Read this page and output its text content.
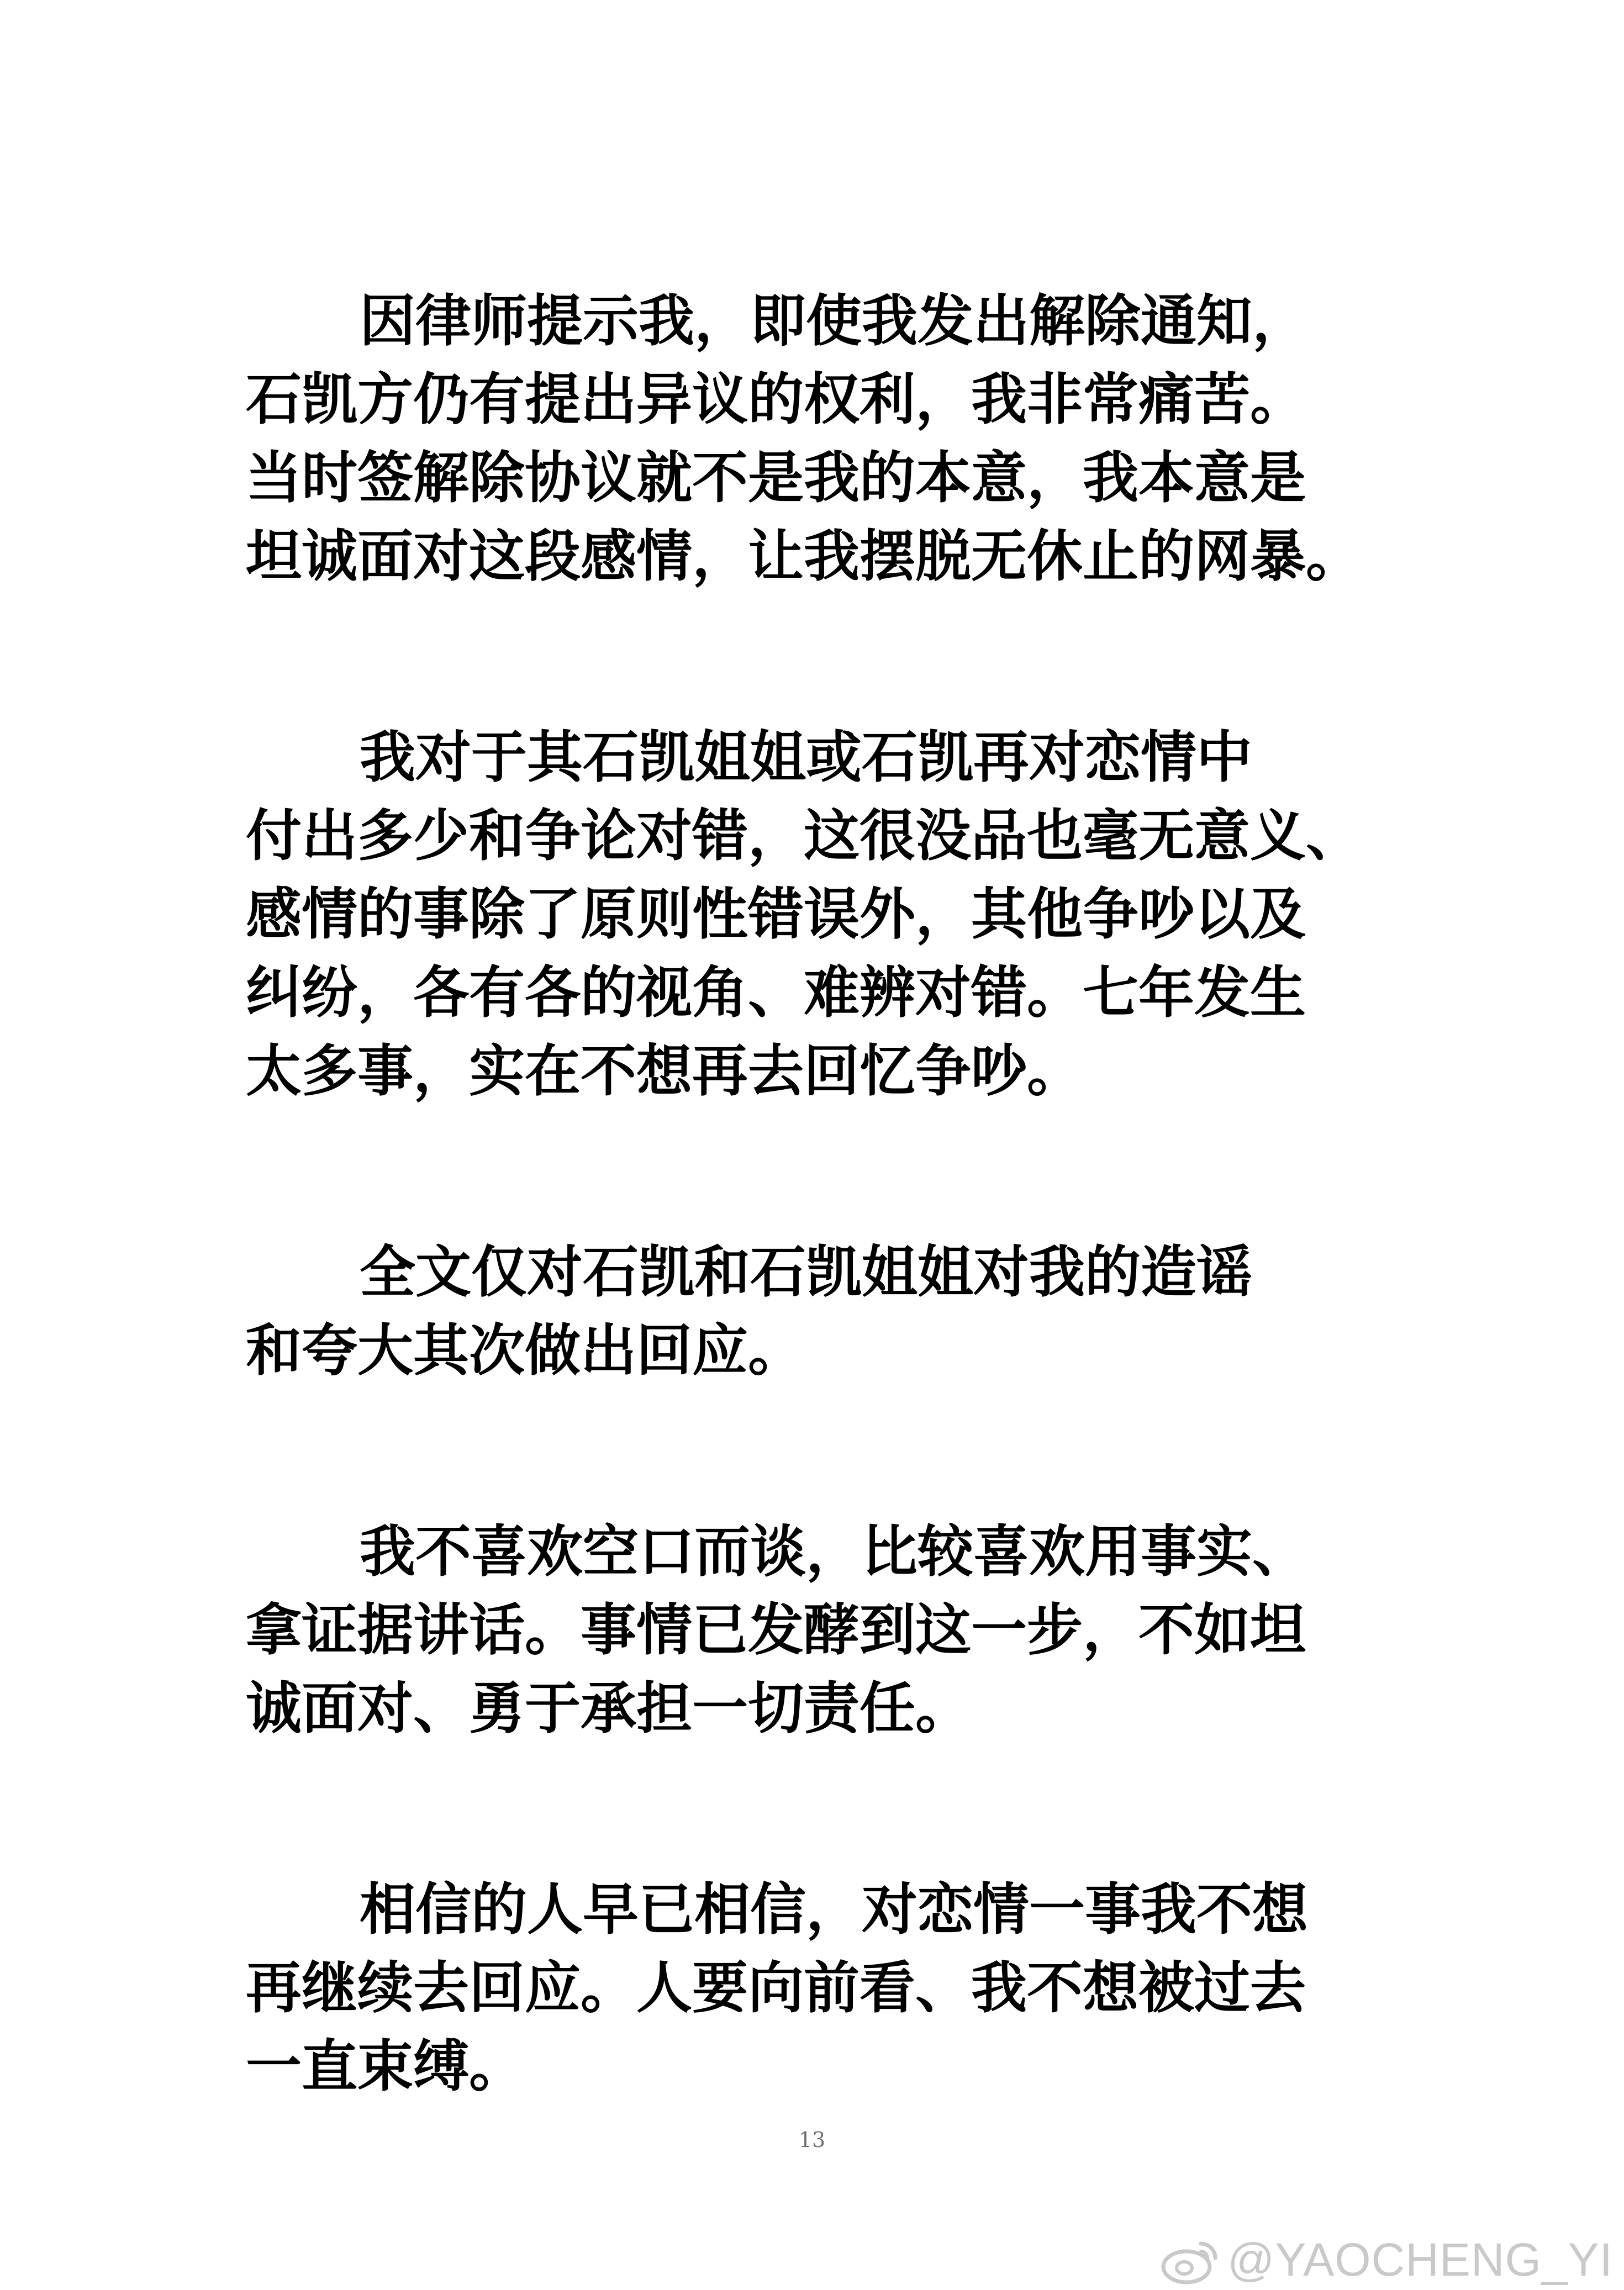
因律师提示我，即使我发出解除通知，
石凯方仍有提出异议的权利，我非常痛苦。
当时签解除协议就不是我的本意，我本意是
坦诚面对这段感情，让我摆脱无休止的网暴。

我对于其石凯姐姐或石凯再对恋情中
付出多少和争论对错，这很没品也毫无意义、
感情的事除了原则性错误外，其他争吵以及
纠纷，各有各的视角、难辨对错。七年发生
太多事，实在不想再去回忆争吵。

全文仅对石凯和石凯姐姐对我的造谣
和夸大其次做出回应。

我不喜欢空口而谈，比较喜欢用事实、
拿证据讲话。事情已发酵到这一步，不如坦
诚面对、勇于承担一切责任。

相信的人早已相信，对恋情一事我不想
再继续去回应。人要向前看、我不想被过去
一直束缚。

13
@YAOCHENG_YI
